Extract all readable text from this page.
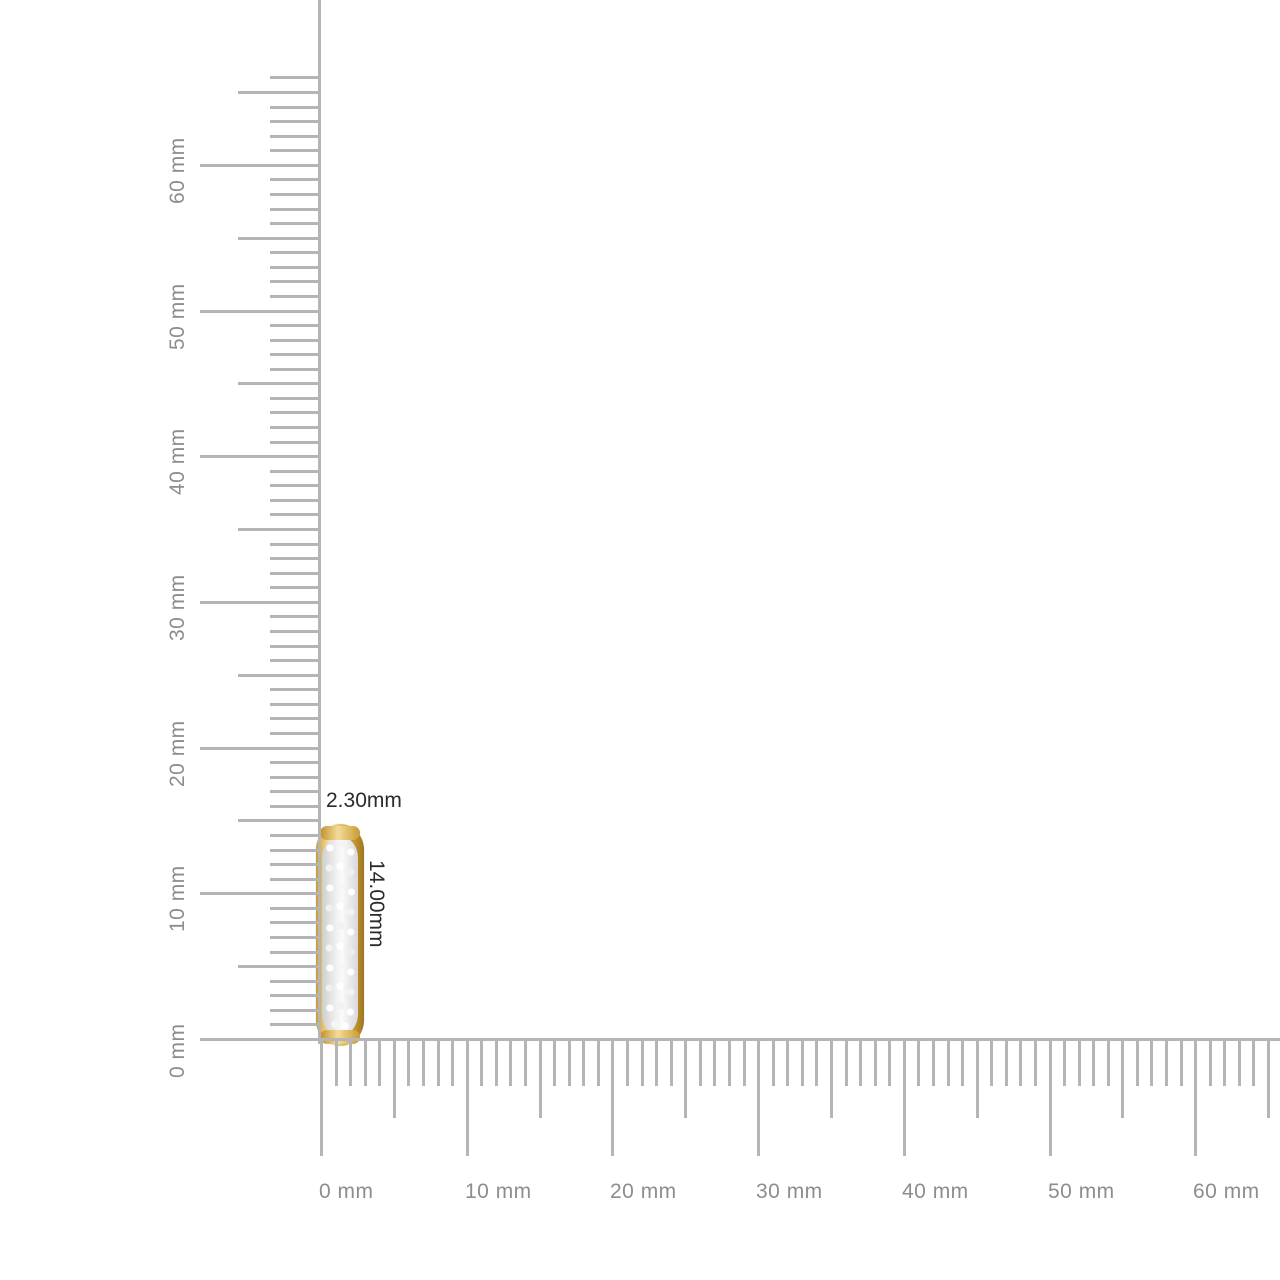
2.30mm
14.00mm
0 mm
10 mm
20 mm
30 mm
40 mm
50 mm
60 mm
0 mm	10 mm	20 mm	30 mm	40 mm	50 mm	60 mm
